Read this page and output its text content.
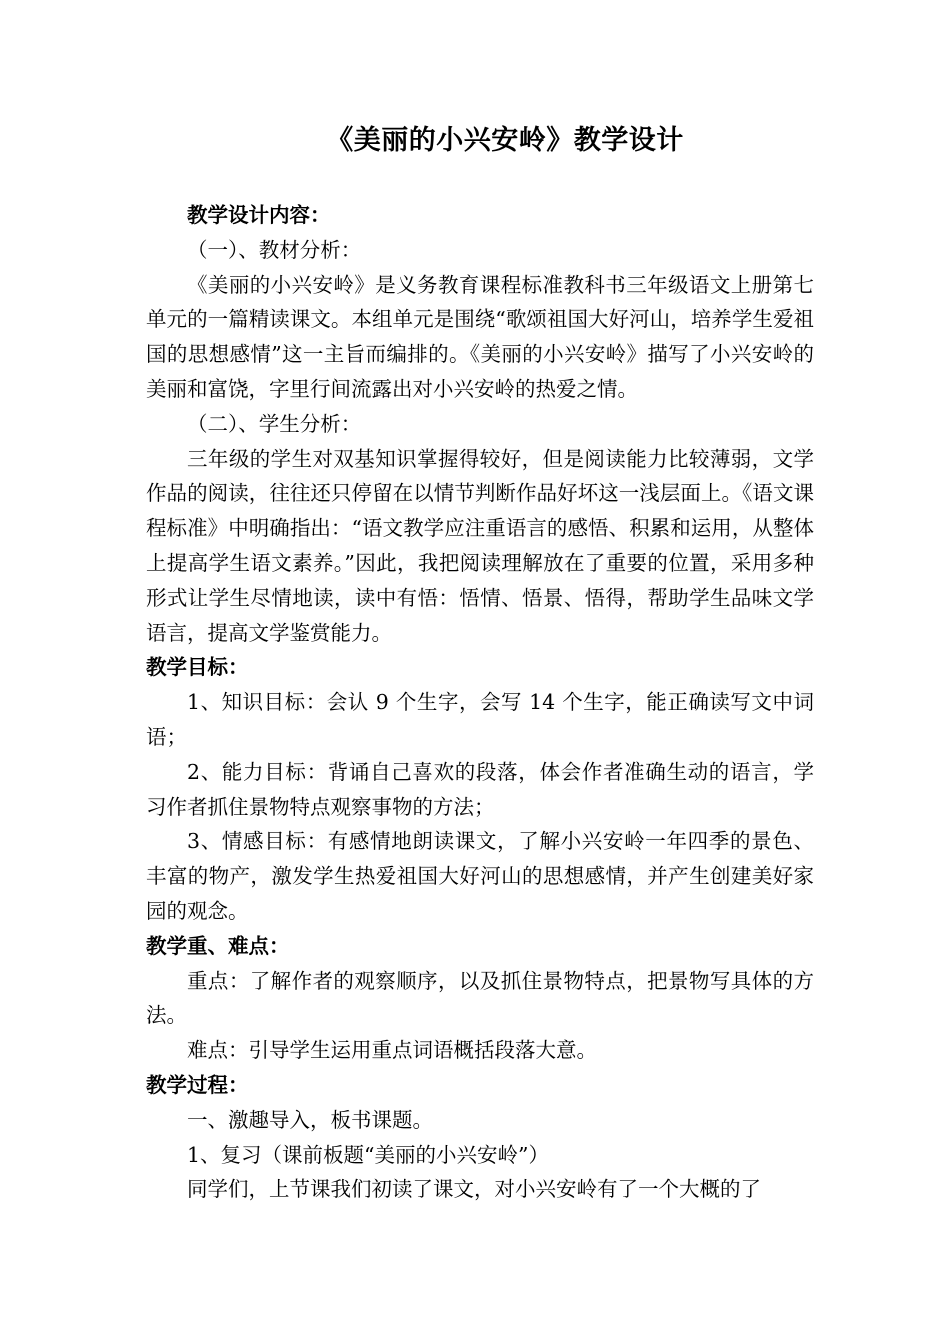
《美丽的小兴安岭》教学设计

教学设计内容：

（一）、教材分析：

《美丽的小兴安岭》是义务教育课程标准教科书三年级语文上册第七单元的一篇精读课文。本组单元是围绕“歌颂祖国大好河山，培养学生爱祖国的思想感情”这一主旨而编排的。《美丽的小兴安岭》描写了小兴安岭的美丽和富饶，字里行间流露出对小兴安岭的热爱之情。

（二）、学生分析：

三年级的学生对双基知识掌握得较好，但是阅读能力比较薄弱，文学作品的阅读，往往还只停留在以情节判断作品好坏这一浅层面上。《语文课程标准》中明确指出：“语文教学应注重语言的感悟、积累和运用，从整体上提高学生语文素养。”因此，我把阅读理解放在了重要的位置，采用多种形式让学生尽情地读，读中有悟：悟情、悟景、悟得，帮助学生品味文学语言，提高文学鉴赏能力。

教学目标：

1、知识目标：会认 9 个生字，会写 14 个生字，能正确读写文中词语；

2、能力目标：背诵自己喜欢的段落，体会作者准确生动的语言，学习作者抓住景物特点观察事物的方法；

3、情感目标：有感情地朗读课文，了解小兴安岭一年四季的景色、丰富的物产，激发学生热爱祖国大好河山的思想感情，并产生创建美好家园的观念。

教学重、难点：

重点：了解作者的观察顺序，以及抓住景物特点，把景物写具体的方法。

难点：引导学生运用重点词语概括段落大意。

教学过程：

一、激趣导入，板书课题。

1、复习（课前板题“美丽的小兴安岭”）

同学们，上节课我们初读了课文，对小兴安岭有了一个大概的了
